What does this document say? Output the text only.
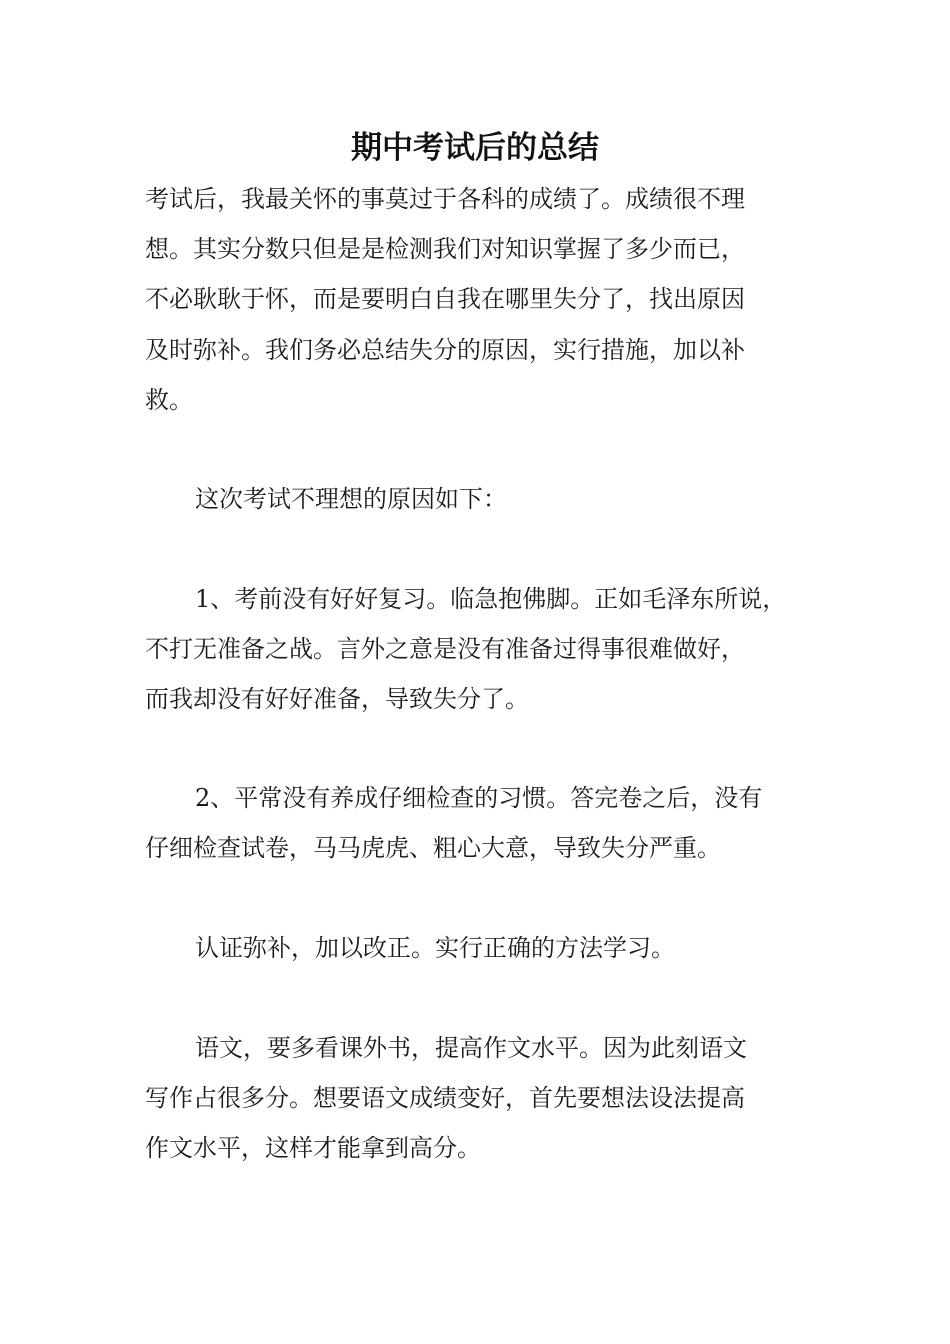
期中考试后的总结

考试后，我最关怀的事莫过于各科的成绩了。成绩很不理

想。其实分数只但是是检测我们对知识掌握了多少而已，

不必耿耿于怀，而是要明白自我在哪里失分了，找出原因

及时弥补。我们务必总结失分的原因，实行措施，加以补

救。

这次考试不理想的原因如下：

1、考前没有好好复习。临急抱佛脚。正如毛泽东所说，

不打无准备之战。言外之意是没有准备过得事很难做好，

而我却没有好好准备，导致失分了。

2、平常没有养成仔细检查的习惯。答完卷之后，没有

仔细检查试卷，马马虎虎、粗心大意，导致失分严重。

认证弥补，加以改正。实行正确的方法学习。

语文，要多看课外书，提高作文水平。因为此刻语文

写作占很多分。想要语文成绩变好，首先要想法设法提高

作文水平，这样才能拿到高分。
